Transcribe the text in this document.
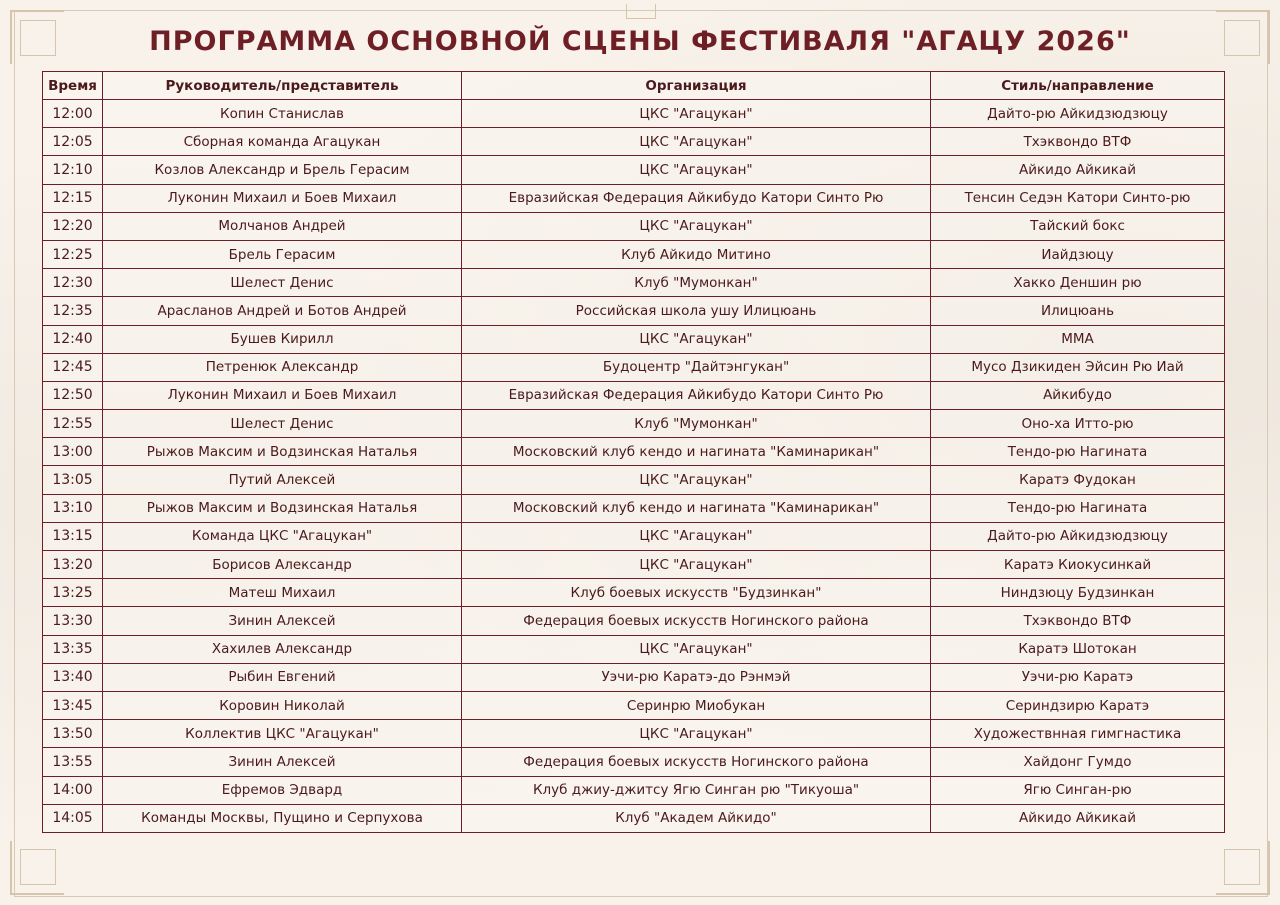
ПРОГРАММА ОСНОВНОЙ СЦЕНЫ ФЕСТИВАЛЯ "АГАЦУ 2026"
Время	Руководитель/представитель	Организация	Стиль/направление
12:00	Копин Станислав	ЦКС "Агацукан"	Дайто-рю Айкидзюдзюцу
12:05	Сборная команда Агацукан	ЦКС "Агацукан"	Тхэквондо ВТФ
12:10	Козлов Александр и Брель Герасим	ЦКС "Агацукан"	Айкидо Айкикай
12:15	Луконин Михаил и Боев Михаил	Евразийская Федерация Айкибудо Катори Синто Рю	Тенсин Седэн Катори Синто-рю
12:20	Молчанов Андрей	ЦКС "Агацукан"	Тайский бокс
12:25	Брель Герасим	Клуб Айкидо Митино	Иайдзюцу
12:30	Шелест Денис	Клуб "Мумонкан"	Хакко Деншин рю
12:35	Арасланов Андрей и Ботов Андрей	Российская школа ушу Илицюань	Илицюань
12:40	Бушев Кирилл	ЦКС "Агацукан"	ММА
12:45	Петренюк Александр	Будоцентр "Дайтэнгукан"	Мусо Дзикиден Эйсин Рю Иай
12:50	Луконин Михаил и Боев Михаил	Евразийская Федерация Айкибудо Катори Синто Рю	Айкибудо
12:55	Шелест Денис	Клуб "Мумонкан"	Оно-ха Итто-рю
13:00	Рыжов Максим и Водзинская Наталья	Московский клуб кендо и нагината "Каминарикан"	Тендо-рю Нагината
13:05	Путий Алексей	ЦКС "Агацукан"	Каратэ Фудокан
13:10	Рыжов Максим и Водзинская Наталья	Московский клуб кендо и нагината "Каминарикан"	Тендо-рю Нагината
13:15	Команда ЦКС "Агацукан"	ЦКС "Агацукан"	Дайто-рю Айкидзюдзюцу
13:20	Борисов Александр	ЦКС "Агацукан"	Каратэ Киокусинкай
13:25	Матеш Михаил	Клуб боевых искусств "Будзинкан"	Ниндзюцу Будзинкан
13:30	Зинин Алексей	Федерация боевых искусств Ногинского района	Тхэквондо ВТФ
13:35	Хахилев Александр	ЦКС "Агацукан"	Каратэ Шотокан
13:40	Рыбин Евгений	Уэчи-рю Каратэ-до Рэнмэй	Уэчи-рю Каратэ
13:45	Коровин Николай	Серинрю Миобукан	Сериндзирю Каратэ
13:50	Коллектив ЦКС "Агацукан"	ЦКС "Агацукан"	Художествнная гимгнастика
13:55	Зинин Алексей	Федерация боевых искусств Ногинского района	Хайдонг Гумдо
14:00	Ефремов Эдвард	Клуб джиу-джитсу Ягю Синган рю "Тикуоша"	Ягю Синган-рю
14:05	Команды Москвы, Пущино и Серпухова	Клуб "Академ Айкидо"	Айкидо Айкикай
